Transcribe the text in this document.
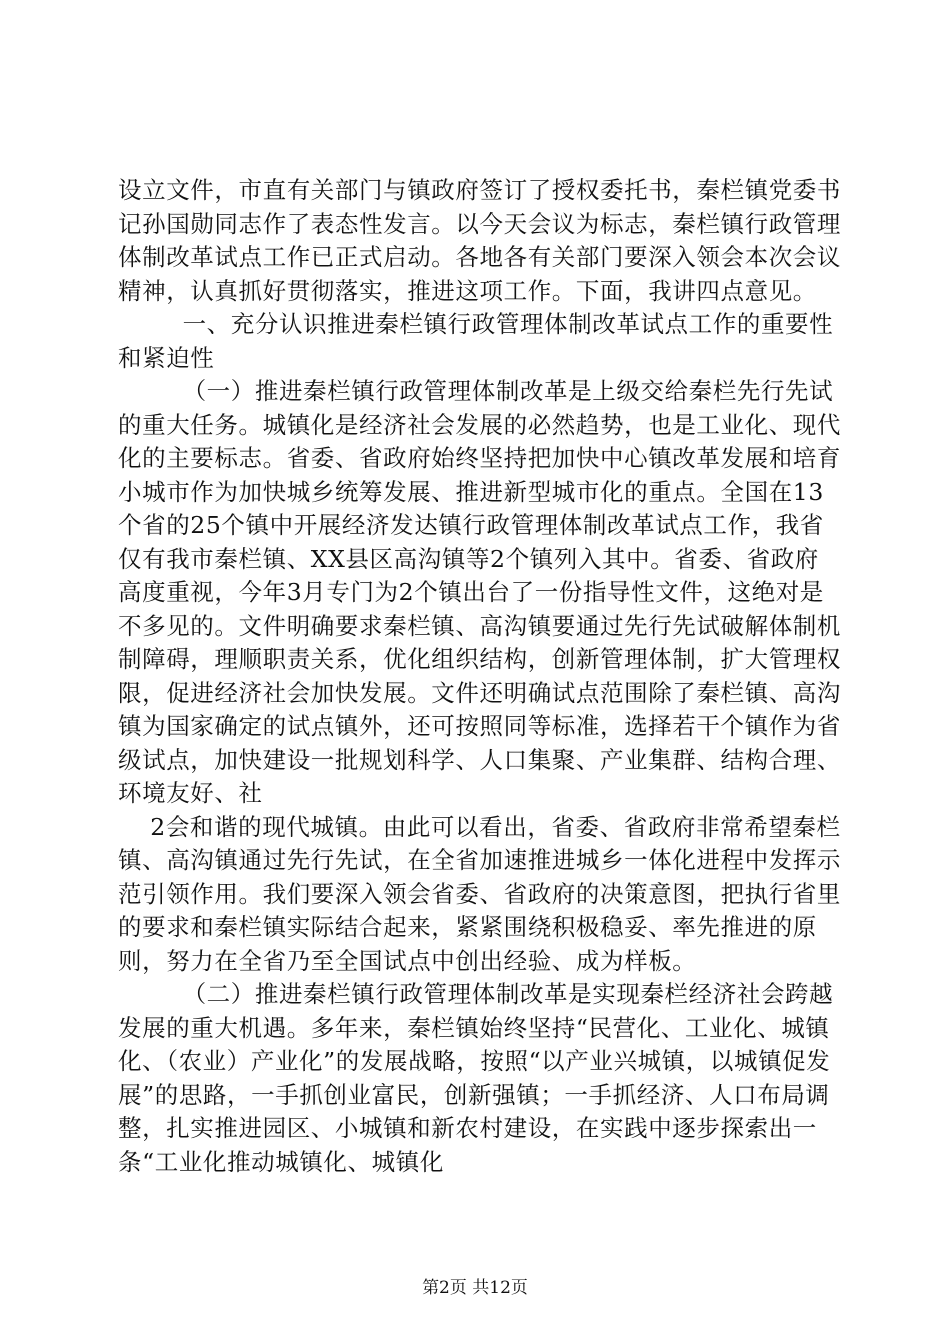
设立文件，市直有关部门与镇政府签订了授权委托书，秦栏镇党委书记孙国勋同志作了表态性发言。以今天会议为标志，秦栏镇行政管理体制改革试点工作已正式启动。各地各有关部门要深入领会本次会议精神，认真抓好贯彻落实，推进这项工作。下面，我讲四点意见。

一、充分认识推进秦栏镇行政管理体制改革试点工作的重要性和紧迫性

（一）推进秦栏镇行政管理体制改革是上级交给秦栏先行先试的重大任务。城镇化是经济社会发展的必然趋势，也是工业化、现代化的主要标志。省委、省政府始终坚持把加快中心镇改革发展和培育小城市作为加快城乡统筹发展、推进新型城市化的重点。全国在13个省的25个镇中开展经济发达镇行政管理体制改革试点工作，我省仅有我市秦栏镇、XX县区高沟镇等2个镇列入其中。省委、省政府高度重视，今年3月专门为2个镇出台了一份指导性文件，这绝对是不多见的。文件明确要求秦栏镇、高沟镇要通过先行先试破解体制机制障碍，理顺职责关系，优化组织结构，创新管理体制，扩大管理权限，促进经济社会加快发展。文件还明确试点范围除了秦栏镇、高沟镇为国家确定的试点镇外，还可按照同等标准，选择若干个镇作为省级试点，加快建设一批规划科学、人口集聚、产业集群、结构合理、环境友好、社

2会和谐的现代城镇。由此可以看出，省委、省政府非常希望秦栏镇、高沟镇通过先行先试，在全省加速推进城乡一体化进程中发挥示范引领作用。我们要深入领会省委、省政府的决策意图，把执行省里的要求和秦栏镇实际结合起来，紧紧围绕积极稳妥、率先推进的原则，努力在全省乃至全国试点中创出经验、成为样板。

（二）推进秦栏镇行政管理体制改革是实现秦栏经济社会跨越发展的重大机遇。多年来，秦栏镇始终坚持“民营化、工业化、城镇化、（农业）产业化”的发展战略，按照“以产业兴城镇，以城镇促发展”的思路，一手抓创业富民，创新强镇；一手抓经济、人口布局调整，扎实推进园区、小城镇和新农村建设，在实践中逐步探索出一条“工业化推动城镇化、城镇化

第2页 共12页
